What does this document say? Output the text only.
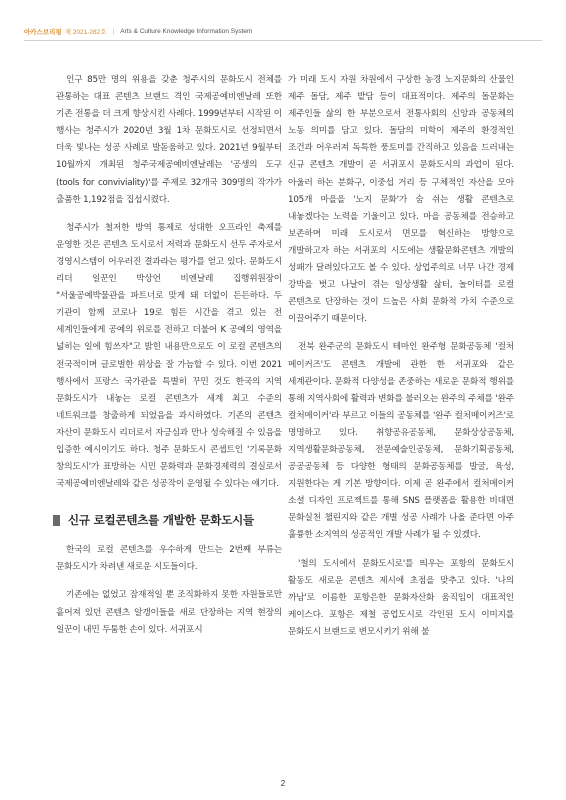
아카스브리핑 제 2021-282호 | Arts & Culture Knowledge Information System

인구 85만 명의 위용을 갖춘 청주시의 문화도시 전체를 관통하는 대표 콘텐츠 브랜드 격인 국제공예비엔날레 또한 기존 전통을 더 크게 향상시킨 사례다. 1999년부터 시작된 이 행사는 청주시가 2020년 3월 1차 문화도시로 선정되면서 더욱 빛나는 성공 사례로 발돋움하고 있다. 2021년 9월부터 10월까지 개최된 청주국제공예비엔날레는 '공생의 도구(tools for conviviality)'를 주제로 32개국 309명의 작가가 출품한 1,192점을 집섭시켰다.

청주시가 철저한 방역 통제로 성대한 오프라인 축제를 운영한 것은 콘텐츠 도시로서 저력과 문화도시 선두 주자로서 경영시스템이 어우러진 결과라는 평가를 얻고 있다. 문화도시 리더 일꾼인 박상언 비엔날레 집행위원장이 "서울공예박물관을 파트너로 맞게 돼 더없이 든든하다. 두 기관이 함께 코로나 19로 힘든 시간을 겪고 있는 전 세계인들에게 공예의 위로를 전하고 더불어 K 공예의 영역을 넓히는 일에 힘쓰자"고 밝힌 내용만으로도 이 로컬 콘텐츠의 전국적이며 글로벌한 위상을 잘 가늠할 수 있다. 이번 2021 행사에서 프랑스 국가관을 특별히 꾸민 것도 한국의 지역 문화도시가 내놓는 로컬 콘텐츠가 세계 최고 수준의 네트워크를 창출하게 되었음을 과시하였다. 기존의 콘텐츠 자산이 문화도시 리더로서 자긍심과 만나 성숙해질 수 있음을 입증한 예시이기도 하다. 청주 문화도시 콘셉트인 '기록문화 창의도시'가 표방하는 시민 문화력과 문화경제력의 결실로서 국제공예비엔날레와 같은 성공작이 운영될 수 있다는 얘기다.

신규 로컬콘텐츠를 개발한 문화도시들

한국의 로컬 콘텐츠를 우수하게 만드는 2번째 부류는 문화도시가 차려낸 새로운 시도들이다.

기존에는 없었고 잠재적일 뿐 조직화하지 못한 자원들로만 흩어져 있던 콘텐츠 알갱이들을 새로 단장하는 지역 현장의 일꾼이 내민 두툼한 손이 있다. 서귀포시

가 미래 도시 자원 차원에서 구상한 농경 노지문화의 산물인 제주 돌담, 제주 밭담 등이 대표적이다. 제주의 돌문화는 제주인들 삶의 한 부분으로서 전통사회의 신앙과 공동체의 노동 의미를 담고 있다. 돌담의 미학이 제주의 환경적인 조건과 어우러져 독특한 풍토미를 간직하고 있음을 드러내는 신규 콘텐츠 개발이 곧 서귀포시 문화도시의 과업이 된다. 아울러 하논 분화구, 이중섭 거리 등 구체적인 자산을 모아 105개 마을을 '노지 문화'가 숨 쉬는 생활 콘텐츠로 내놓겠다는 노력을 기울이고 있다. 마을 공동체를 전승하고 보존하며 미래 도시로서 면모를 혁신하는 방향으로 개발하고자 하는 서귀포의 시도에는 생활문화콘텐츠 개발의 성패가 달려있다고도 볼 수 있다. 상업주의로 너무 나간 경제 강박을 벗고 나날이 겪는 일상생활 삶터, 놀이터를 로컬 콘텐츠로 단장하는 것이 드높은 사회 문화적 가치 수준으로 이끌어주기 때문이다.

전북 완주군의 문화도시 테마인 완주형 문화공동체 '컬처 메이커즈'도 콘텐츠 개발에 관한 한 서귀포와 같은 세계관이다. 문화적 다양성을 존중하는 새로운 문화적 행위를 통해 지역사회에 활력과 변화를 불러오는 완주의 주체를 '완주 컬처메이커'라 부르고 이들의 공동체를 '완주 컬처메이커즈'로 명명하고 있다. 취향공유공동체, 문화상상공동체, 지역생활문화공동체, 전문예술인공동체, 문화기획공동체, 공공공동체 등 다양한 형태의 문화공동체를 발굴, 육성, 지원한다는 게 기본 방향이다. 이제 곧 완주에서 컬처메이커 소셜 디자인 프로젝트를 통해 SNS 플랫폼을 활용한 비대면 문화실천 챌린지와 같은 개별 성공 사례가 나올 준다면 아주 훌륭한 소지역의 성공적인 개발 사례가 될 수 있겠다.

'철의 도시에서 문화도시로'를 띄우는 포항의 문화도시 활동도 새로운 콘텐츠 제시에 초점을 맞추고 있다. '나의 까남'로 이름한 포항은한 문화자산화 움직임이 대표적인 케이스다. 포항은 제철 공업도시로 각인된 도시 이미지를 문화도시 브랜드로 변모시키기 위해 불

2
